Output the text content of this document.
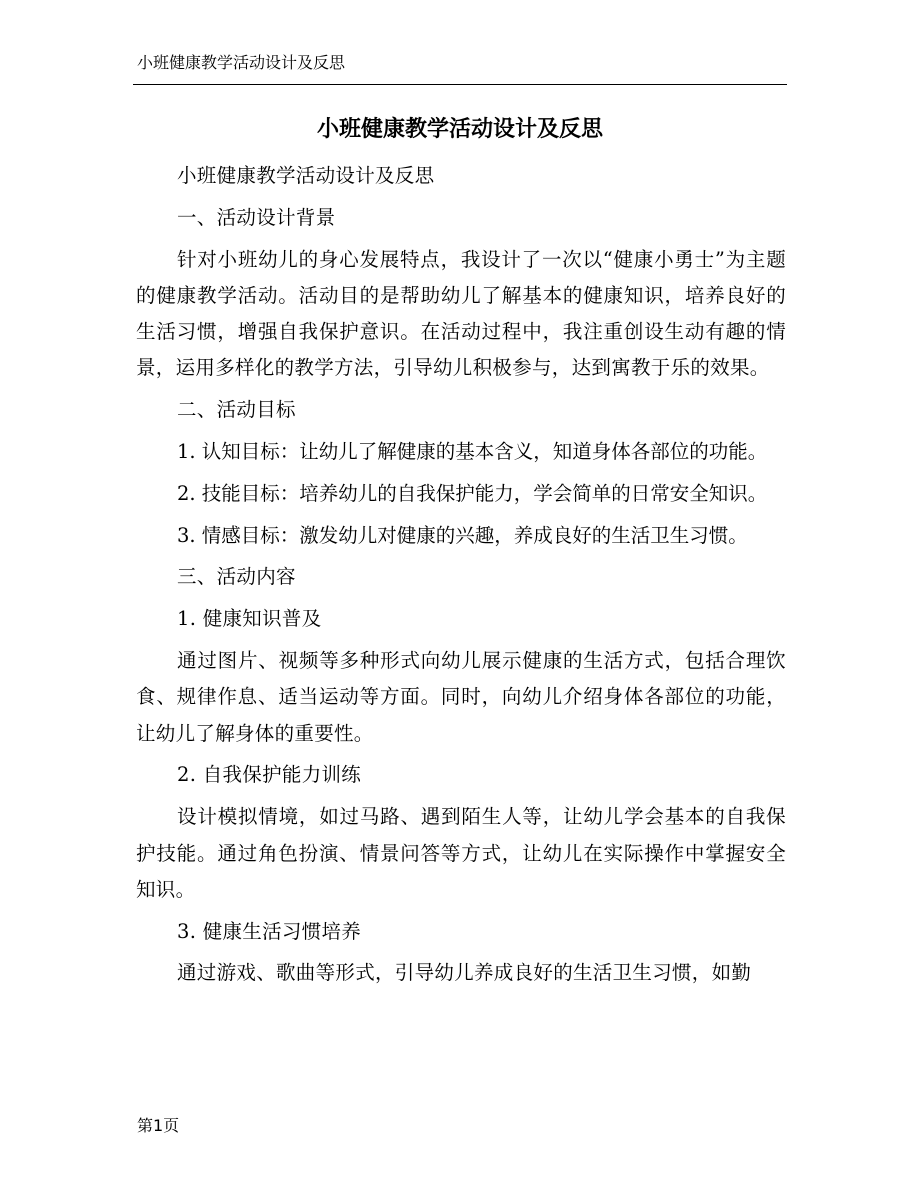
小班健康教学活动设计及反思
小班健康教学活动设计及反思

小班健康教学活动设计及反思

一、活动设计背景

针对小班幼儿的身心发展特点，我设计了一次以“健康小勇士”为主题的健康教学活动。活动目的是帮助幼儿了解基本的健康知识，培养良好的生活习惯，增强自我保护意识。在活动过程中，我注重创设生动有趣的情景，运用多样化的教学方法，引导幼儿积极参与，达到寓教于乐的效果。

二、活动目标

1. 认知目标：让幼儿了解健康的基本含义，知道身体各部位的功能。

2. 技能目标：培养幼儿的自我保护能力，学会简单的日常安全知识。

3. 情感目标：激发幼儿对健康的兴趣，养成良好的生活卫生习惯。

三、活动内容

1. 健康知识普及

通过图片、视频等多种形式向幼儿展示健康的生活方式，包括合理饮食、规律作息、适当运动等方面。同时，向幼儿介绍身体各部位的功能，让幼儿了解身体的重要性。

2. 自我保护能力训练

设计模拟情境，如过马路、遇到陌生人等，让幼儿学会基本的自我保护技能。通过角色扮演、情景问答等方式，让幼儿在实际操作中掌握安全知识。

3. 健康生活习惯培养

通过游戏、歌曲等形式，引导幼儿养成良好的生活卫生习惯，如勤

第1页
